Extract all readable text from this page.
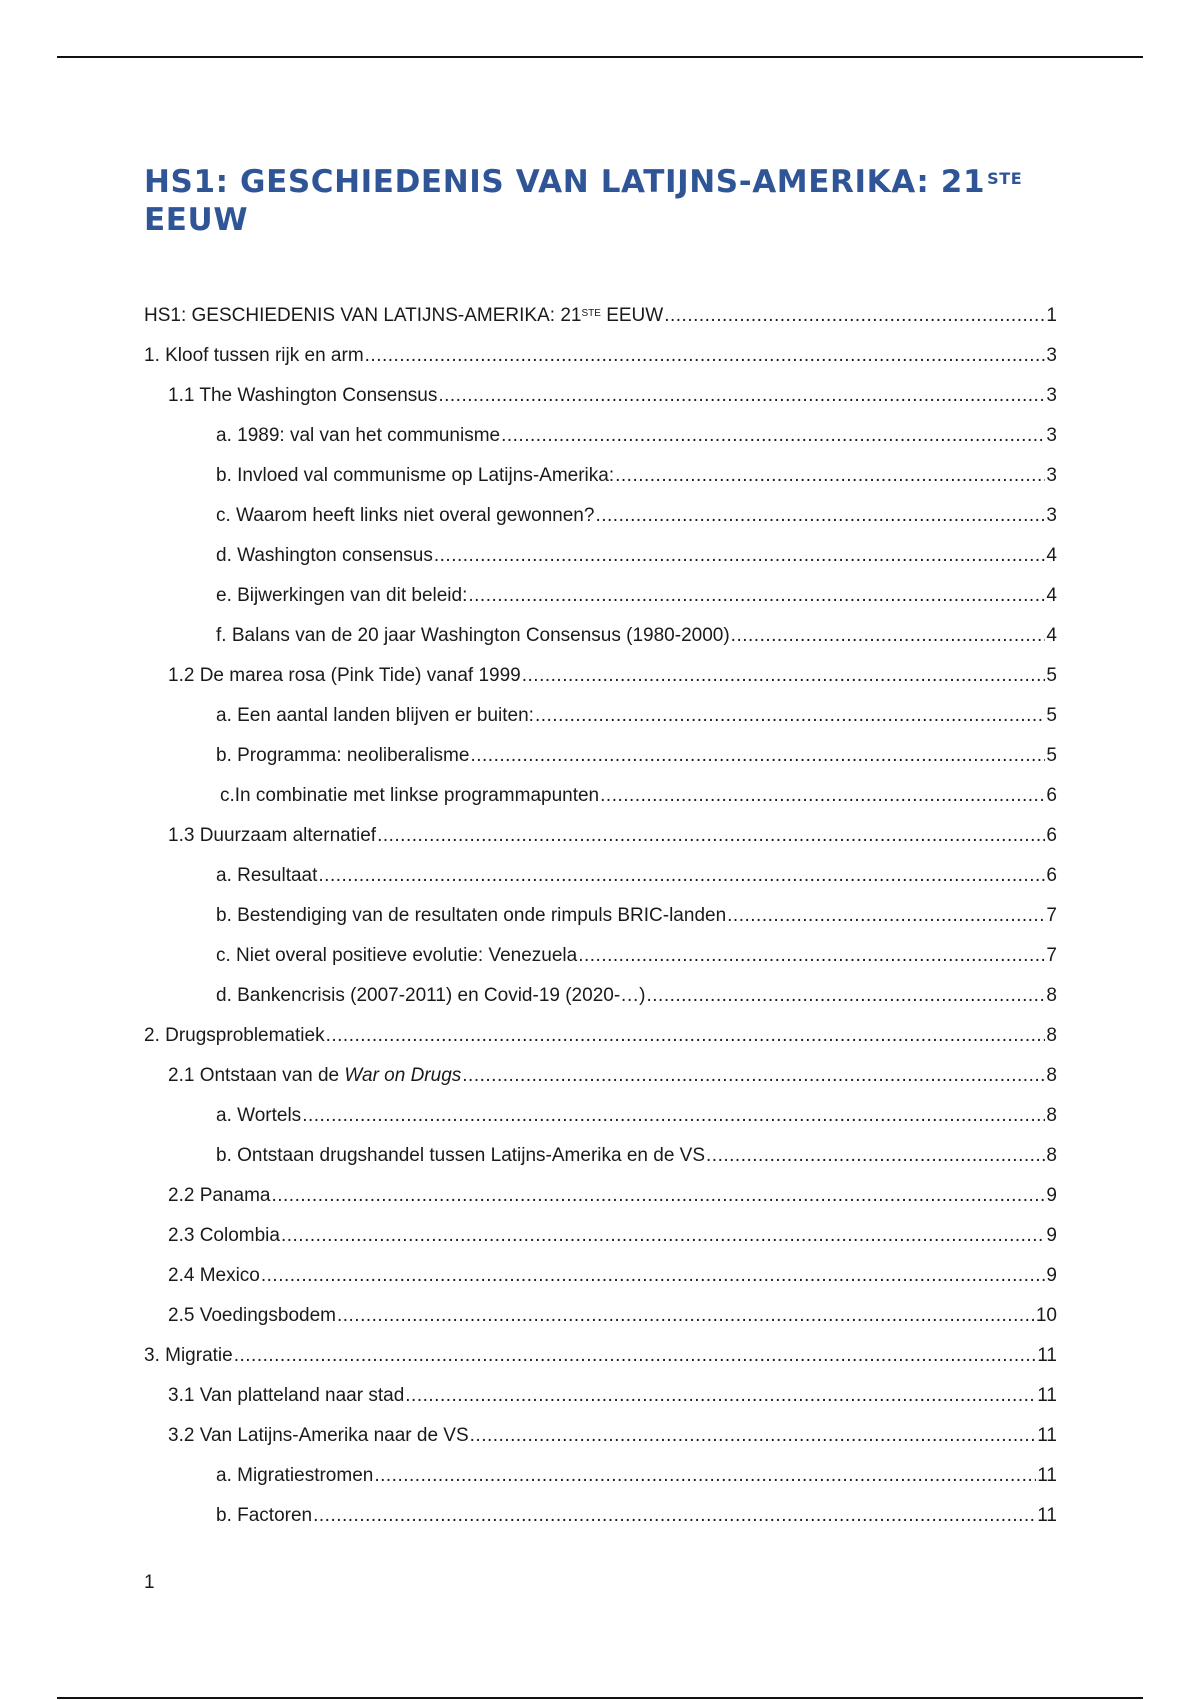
HS1: GESCHIEDENIS VAN LATIJNS-AMERIKA: 21 $^{STE}$
EEUW
HS1: GESCHIEDENIS VAN LATIJNS-AMERIKA: 21STE EEUW .....	1
1. Kloof tussen rijk en arm .....	3
1.1 The Washington Consensus .....	3
a. 1989: val van het communisme .....	3
b. Invloed val communisme op Latijns-Amerika: .....	3
c. Waarom heeft links niet overal gewonnen? .....	3
d. Washington consensus .....	4
e. Bijwerkingen van dit beleid: .....	4
f. Balans van de 20 jaar Washington Consensus (1980-2000) .....	4
1.2 De marea rosa (Pink Tide) vanaf 1999 .....	5
a. Een aantal landen blijven er buiten: .....	5
b. Programma: neoliberalisme .....	5
c.In combinatie met linkse programmapunten .....	6
1.3 Duurzaam alternatief .....	6
a. Resultaat .....	6
b. Bestendiging van de resultaten onde rimpuls BRIC-landen .....	7
c. Niet overal positieve evolutie: Venezuela .....	7
d. Bankencrisis (2007-2011) en Covid-19 (2020-…) .....	8
2. Drugsproblematiek .....	8
2.1 Ontstaan van de War on Drugs .....	8
a. Wortels .....	8
b. Ontstaan drugshandel tussen Latijns-Amerika en de VS .....	8
2.2 Panama .....	9
2.3 Colombia .....	9
2.4 Mexico .....	9
2.5 Voedingsbodem .....	10
3. Migratie .....	11
3.1 Van platteland naar stad .....	11
3.2 Van Latijns-Amerika naar de VS .....	11
a. Migratiestromen .....	11
b. Factoren .....	11
1
